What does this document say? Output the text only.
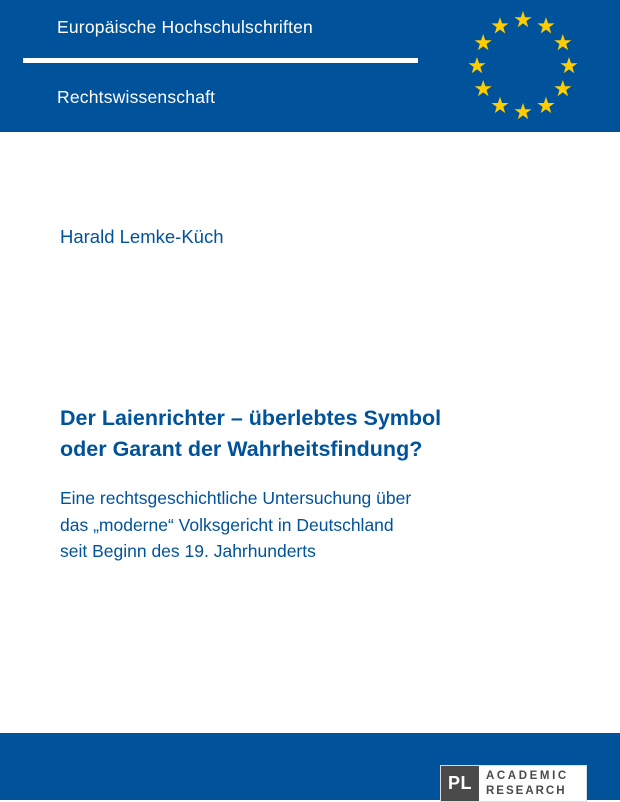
Europäische Hochschulschriften
Rechtswissenschaft
Harald Lemke-Küch
Der Laienrichter – überlebtes Symbol
oder Garant der Wahrheitsfindung?
Eine rechtsgeschichtliche Untersuchung über
das „moderne“ Volksgericht in Deutschland
seit Beginn des 19. Jahrhunderts
PL	ACADEMIC
RESEARCH
